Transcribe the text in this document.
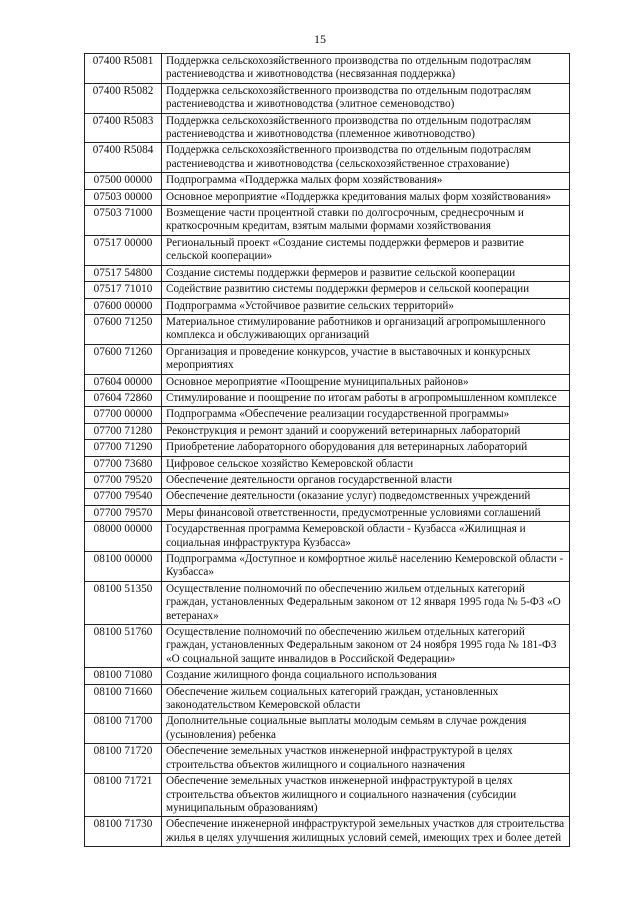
15
07400 R5081	Поддержка сельскохозяйственного производства по отдельным подотраслям растениеводства и животноводства (несвязанная поддержка)
07400 R5082	Поддержка сельскохозяйственного производства по отдельным подотраслям растениеводства и животноводства (элитное семеноводство)
07400 R5083	Поддержка сельскохозяйственного производства по отдельным подотраслям растениеводства и животноводства (племенное животноводство)
07400 R5084	Поддержка сельскохозяйственного производства по отдельным подотраслям растениеводства и животноводства (сельскохозяйственное страхование)
07500 00000	Подпрограмма «Поддержка малых форм хозяйствования»
07503 00000	Основное мероприятие «Поддержка кредитования малых форм хозяйствования»
07503 71000	Возмещение части процентной ставки по долгосрочным, среднесрочным и краткосрочным кредитам, взятым малыми формами хозяйствования
07517 00000	Региональный проект «Создание системы поддержки фермеров и развитие сельской кооперации»
07517 54800	Создание системы поддержки фермеров и развитие сельской кооперации
07517 71010	Содействие развитию системы поддержки фермеров и сельской кооперации
07600 00000	Подпрограмма «Устойчивое развитие сельских территорий»
07600 71250	Материальное стимулирование работников и организаций агропромышленного комплекса и обслуживающих организаций
07600 71260	Организация и проведение конкурсов, участие в выставочных и конкурсных мероприятиях
07604 00000	Основное мероприятие «Поощрение муниципальных районов»
07604 72860	Стимулирование и поощрение по итогам работы в агропромышленном комплексе
07700 00000	Подпрограмма «Обеспечение реализации государственной программы»
07700 71280	Реконструкция и ремонт зданий и сооружений ветеринарных лабораторий
07700 71290	Приобретение лабораторного оборудования для ветеринарных лабораторий
07700 73680	Цифровое сельское хозяйство Кемеровской области
07700 79520	Обеспечение деятельности органов государственной власти
07700 79540	Обеспечение деятельности (оказание услуг) подведомственных учреждений
07700 79570	Меры финансовой ответственности, предусмотренные условиями соглашений
08000 00000	Государственная программа Кемеровской области - Кузбасса «Жилищная и социальная инфраструктура Кузбасса»
08100 00000	Подпрограмма «Доступное и комфортное жильё населению Кемеровской области - Кузбасса»
08100 51350	Осуществление полномочий по обеспечению жильем отдельных категорий граждан, установленных Федеральным законом от 12 января 1995 года № 5-ФЗ «О ветеранах»
08100 51760	Осуществление полномочий по обеспечению жильем отдельных категорий граждан, установленных Федеральным законом от 24 ноября 1995 года № 181-ФЗ «О социальной защите инвалидов в Российской Федерации»
08100 71080	Создание жилищного фонда социального использования
08100 71660	Обеспечение жильем социальных категорий граждан, установленных законодательством Кемеровской области
08100 71700	Дополнительные социальные выплаты молодым семьям в случае рождения (усыновления) ребенка
08100 71720	Обеспечение земельных участков инженерной инфраструктурой в целях строительства объектов жилищного и социального назначения
08100 71721	Обеспечение земельных участков инженерной инфраструктурой в целях строительства объектов жилищного и социального назначения (субсидии муниципальным образованиям)
08100 71730	Обеспечение инженерной инфраструктурой земельных участков для строительства жилья в целях улучшения жилищных условий семей, имеющих трех и более детей
